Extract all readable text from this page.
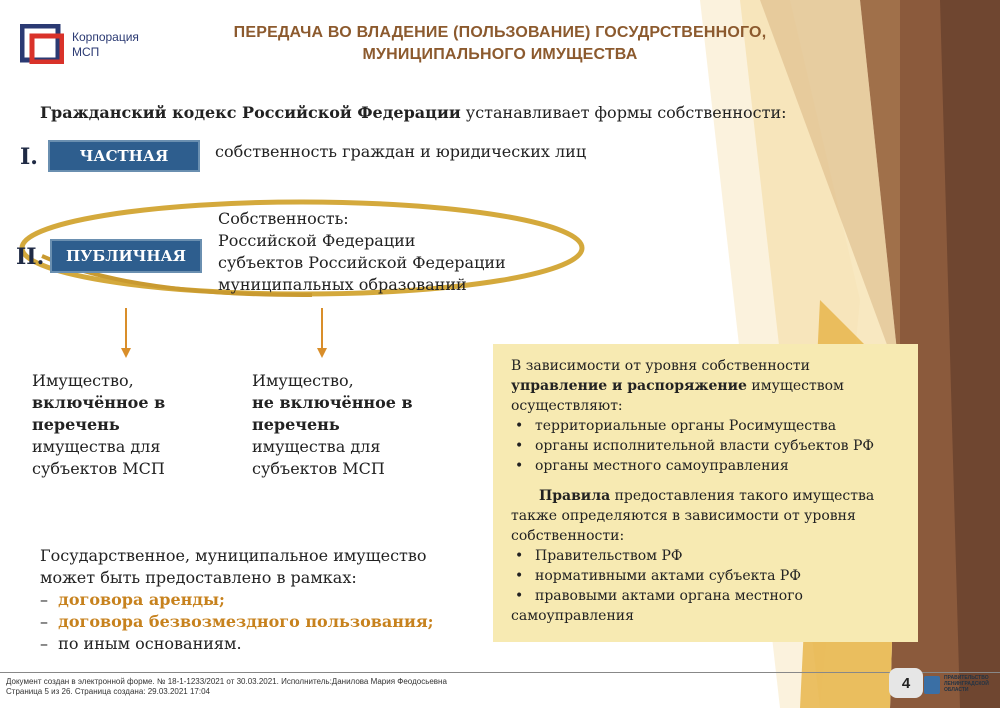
Корпорация
МСП
ПЕРЕДАЧА ВО ВЛАДЕНИЕ (ПОЛЬЗОВАНИЕ) ГОСУДРСТВЕННОГО,
МУНИЦИПАЛЬНОГО ИМУЩЕСТВА
Гражданский кодекс Российской Федерации устанавливает формы собственности:
I.	ЧАСТНАЯ	собственность граждан и юридических лиц
II.	ПУБЛИЧНАЯ
Собственность:
Российской Федерации
субъектов Российской Федерации
муниципальных образований
Имущество,
включённое в
перечень
имущества для
субъектов МСП
Имущество,
не включённое в
перечень
имущества для
субъектов МСП
Государственное, муниципальное имущество
может быть предоставлено в рамках:
– договора аренды;
– договора безвозмездного пользования;
– по иным основаниям.
В зависимости от уровня собственности
управление и распоряжение имуществом
осуществляют:
• территориальные органы Росимущества
• органы исполнительной власти субъектов РФ
• органы местного самоуправления
Правила предоставления такого имущества
также определяются в зависимости от уровня
собственности:
• Правительством РФ
• нормативными актами субъекта РФ
• правовыми актами органа местного
самоуправления
Документ создан в электронной форме. № 18-1-1233/2021 от 30.03.2021. Исполнитель:Данилова Мария Феодосьевна
Страница 5 из 26. Страница создана: 29.03.2021 17:04	4	ПРАВИТЕЛЬСТВО
ЛЕНИНГРАДСКОЙ
ОБЛАСТИ
